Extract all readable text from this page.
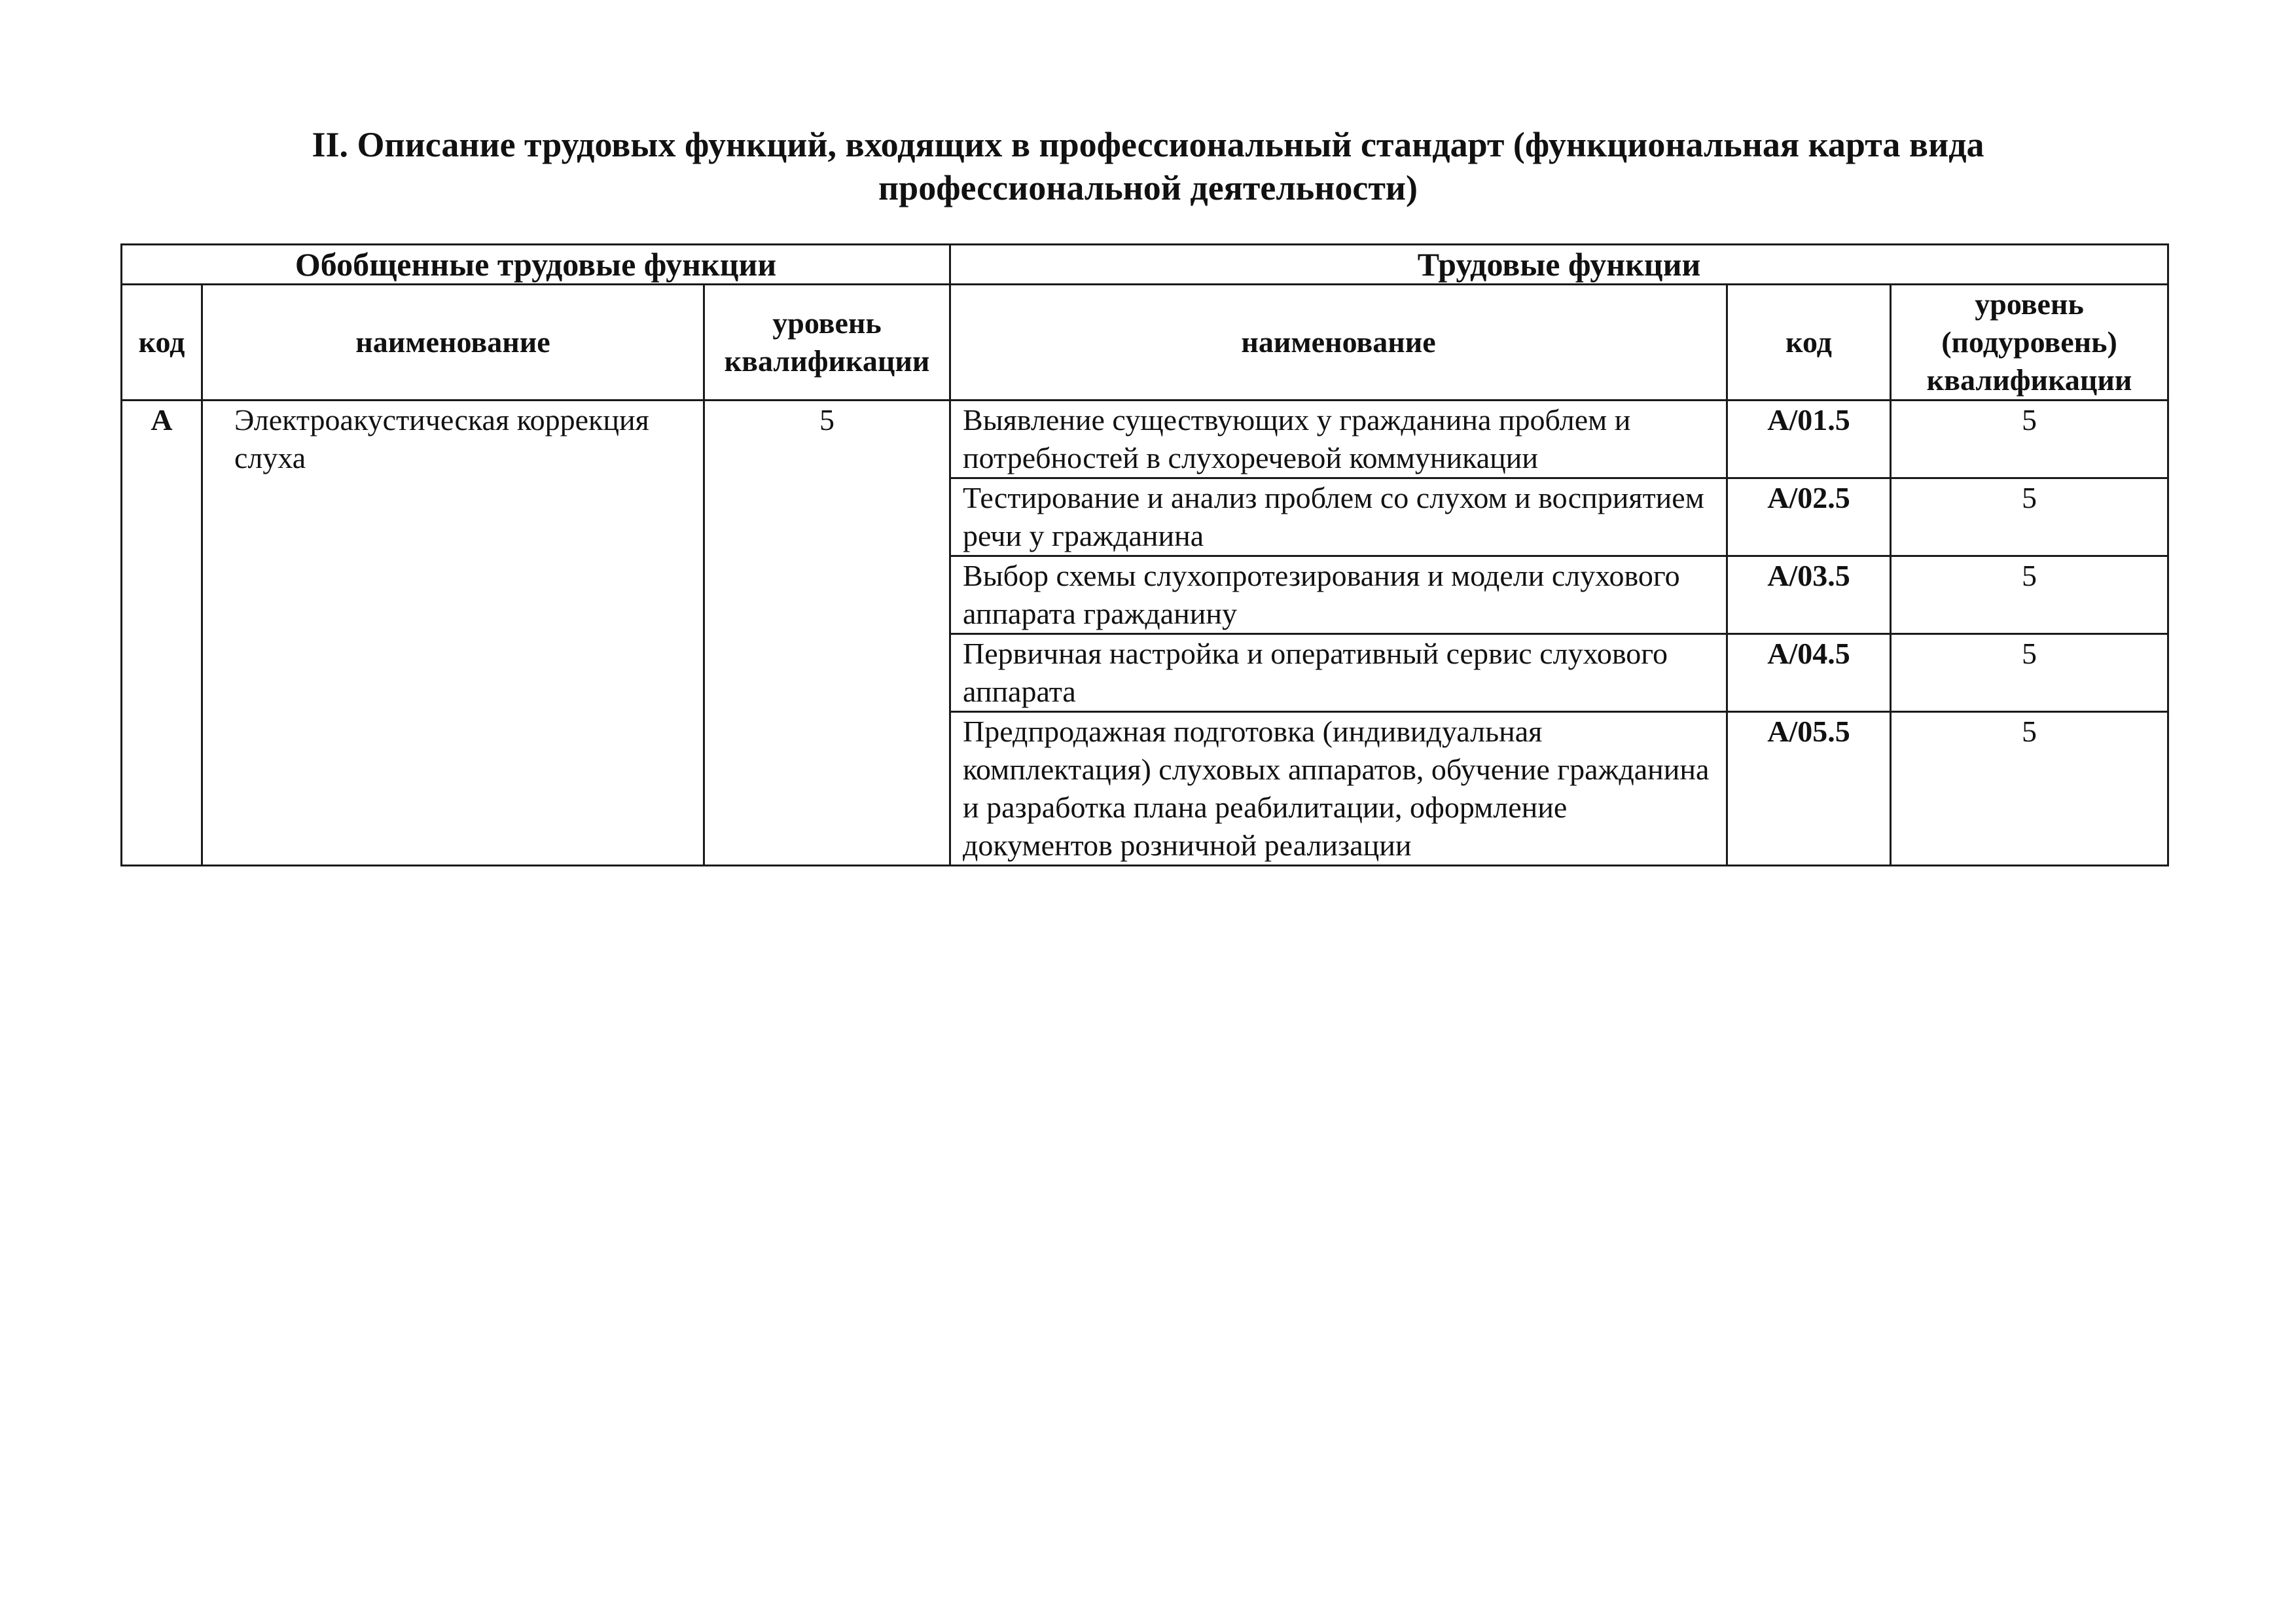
II. Описание трудовых функций, входящих в профессиональный стандарт (функциональная карта вида
профессиональной деятельности)
Обобщенные трудовые функции			Трудовые функции		
код	наименование	уровень квалификации	наименование	код	уровень (подуровень) квалификации
А	Электроакустическая коррекция слуха	5	Выявление существующих у гражданина проблем и потребностей в слухоречевой коммуникации	A/01.5	5
			Тестирование и анализ проблем со слухом и восприятием речи у гражданина	A/02.5	5
			Выбор схемы слухопротезирования и модели слухового аппарата гражданину	A/03.5	5
			Первичная настройка и оперативный сервис слухового аппарата	A/04.5	5
			Предпродажная подготовка (индивидуальная комплектация) слуховых аппаратов, обучение гражданина и разработка плана реабилитации, оформление документов розничной реализации	A/05.5	5
